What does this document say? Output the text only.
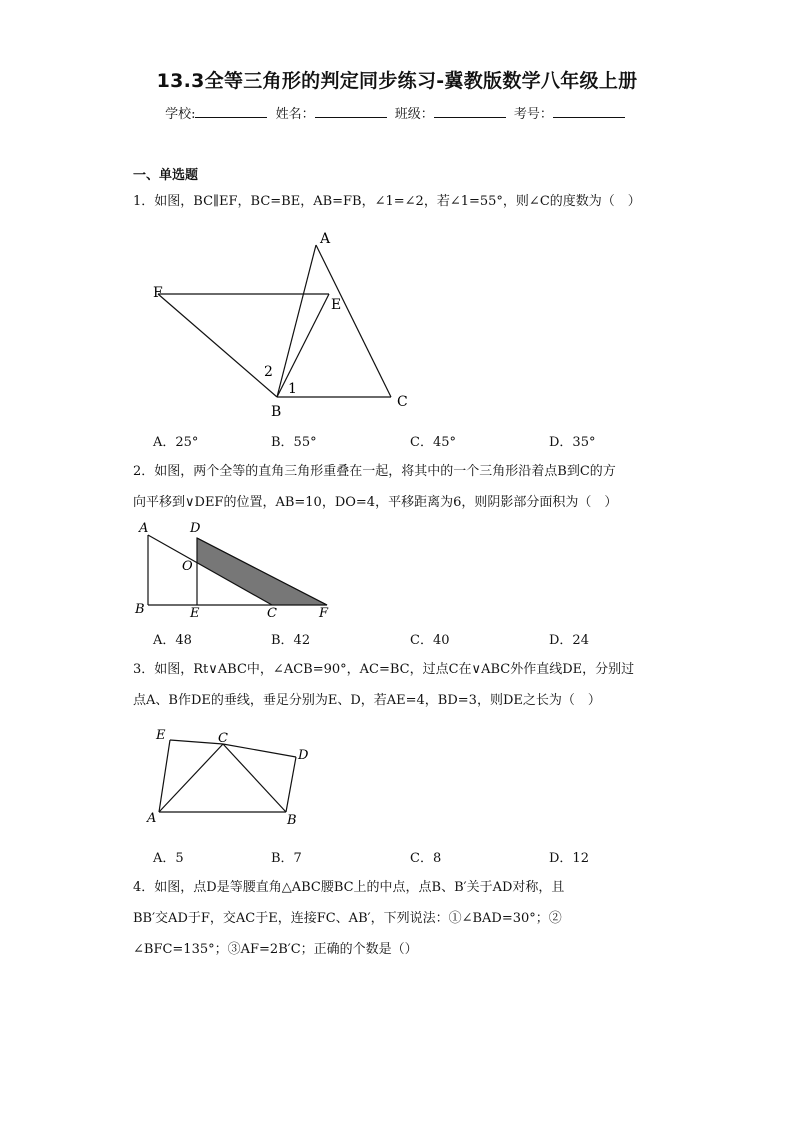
13.3全等三角形的判定同步练习-冀教版数学八年级上册
学校:	姓名：	班级：	考号：
一、单选题
1．如图，BC∥EF，BC=BE，AB=FB，∠1=∠2，若∠1=55°，则∠C的度数为（　）
A
F
E
2
1
B
C
A．25°	B．55°	C．45°	D．35°
2．如图，两个全等的直角三角形重叠在一起，将其中的一个三角形沿着点B到C的方
向平移到∨DEF的位置，AB=10，DO=4，平移距离为6，则阴影部分面积为（　）
A	D
O
B	E	C	F
A．48	B．42	C．40	D．24
3．如图，Rt∨ABC中，∠ACB=90°，AC=BC，过点C在∨ABC外作直线DE，分别过
点A、B作DE的垂线，垂足分别为E、D，若AE=4，BD=3，则DE之长为（　）
E	C
D
A	B
A．5	B．7	C．8	D．12
4．如图，点D是等腰直角△ABC腰BC上的中点，点B、B′关于AD对称，且
BB′交AD于F，交AC于E，连接FC、AB′，下列说法：①∠BAD=30°；②
∠BFC=135°；③AF=2B′C；正确的个数是（）
